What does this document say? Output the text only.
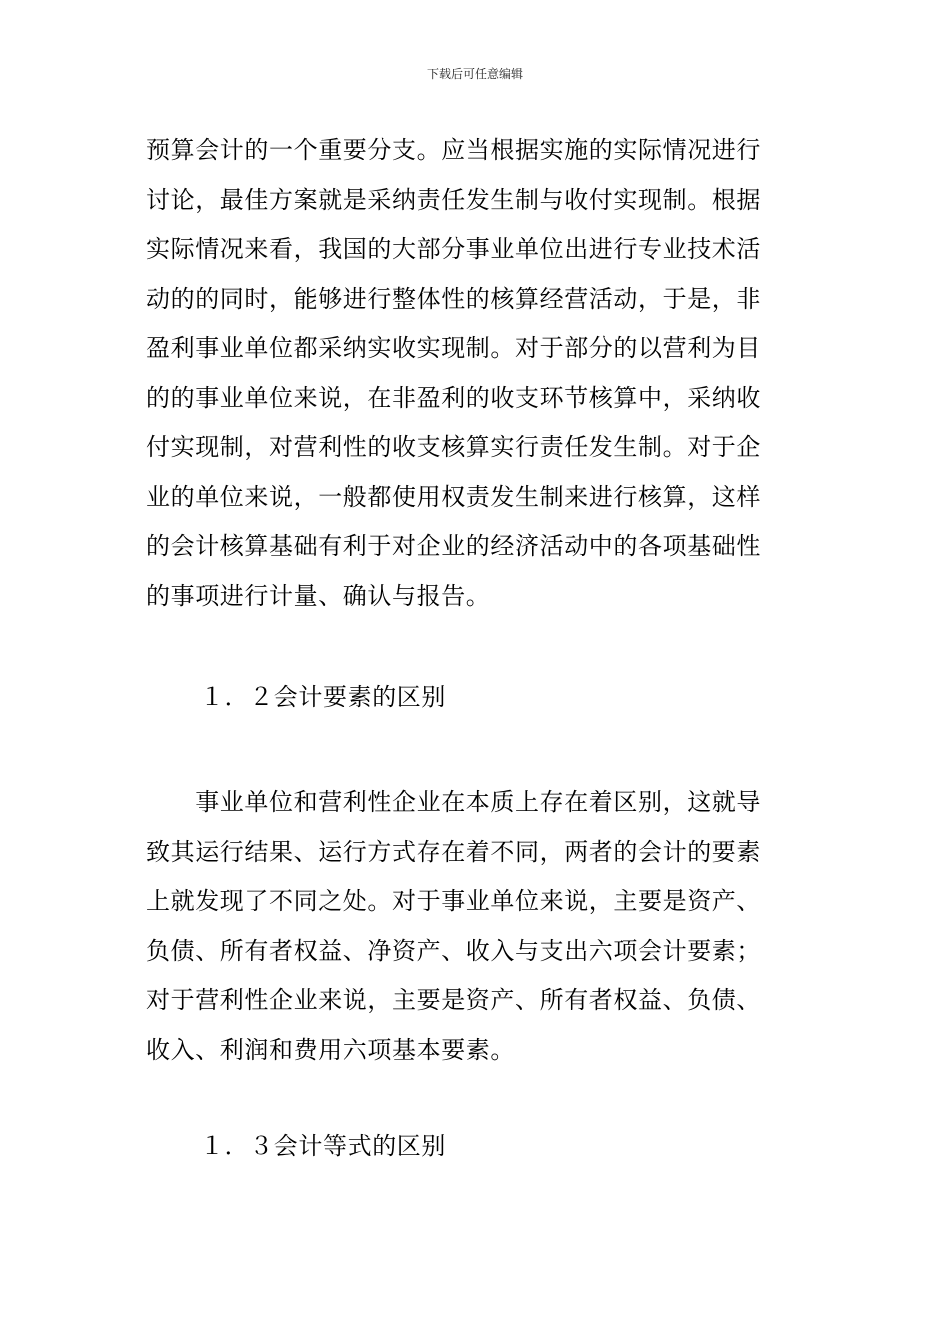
下载后可任意编辑
预算会计的一个重要分支。应当根据实施的实际情况进行
讨论，最佳方案就是采纳责任发生制与收付实现制。根据
实际情况来看，我国的大部分事业单位出进行专业技术活
动的的同时，能够进行整体性的核算经营活动，于是，非
盈利事业单位都采纳实收实现制。对于部分的以营利为目
的的事业单位来说，在非盈利的收支环节核算中，采纳收
付实现制，对营利性的收支核算实行责任发生制。对于企
业的单位来说，一般都使用权责发生制来进行核算，这样
的会计核算基础有利于对企业的经济活动中的各项基础性
的事项进行计量、确认与报告。
１．２会计要素的区别
　　事业单位和营利性企业在本质上存在着区别，这就导
致其运行结果、运行方式存在着不同，两者的会计的要素
上就发现了不同之处。对于事业单位来说，主要是资产、
负债、所有者权益、净资产、收入与支出六项会计要素；
对于营利性企业来说，主要是资产、所有者权益、负债、
收入、利润和费用六项基本要素。
１．３会计等式的区别
